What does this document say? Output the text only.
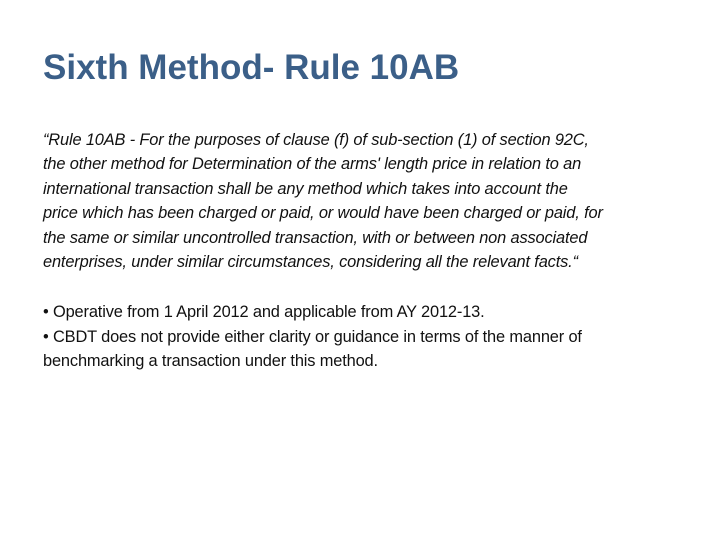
Sixth Method- Rule 10AB

“Rule 10AB - For the purposes of clause (f) of sub-section (1) of section 92C,
the other method for Determination of the arms' length price in relation to an
international transaction shall be any method which takes into account the
price which has been charged or paid, or would have been charged or paid, for
the same or similar uncontrolled transaction, with or between non associated
enterprises, under similar circumstances, considering all the relevant facts.“

• Operative from 1 April 2012 and applicable from AY 2012-13.
• CBDT does not provide either clarity or guidance in terms of the manner of
benchmarking a transaction under this method.
